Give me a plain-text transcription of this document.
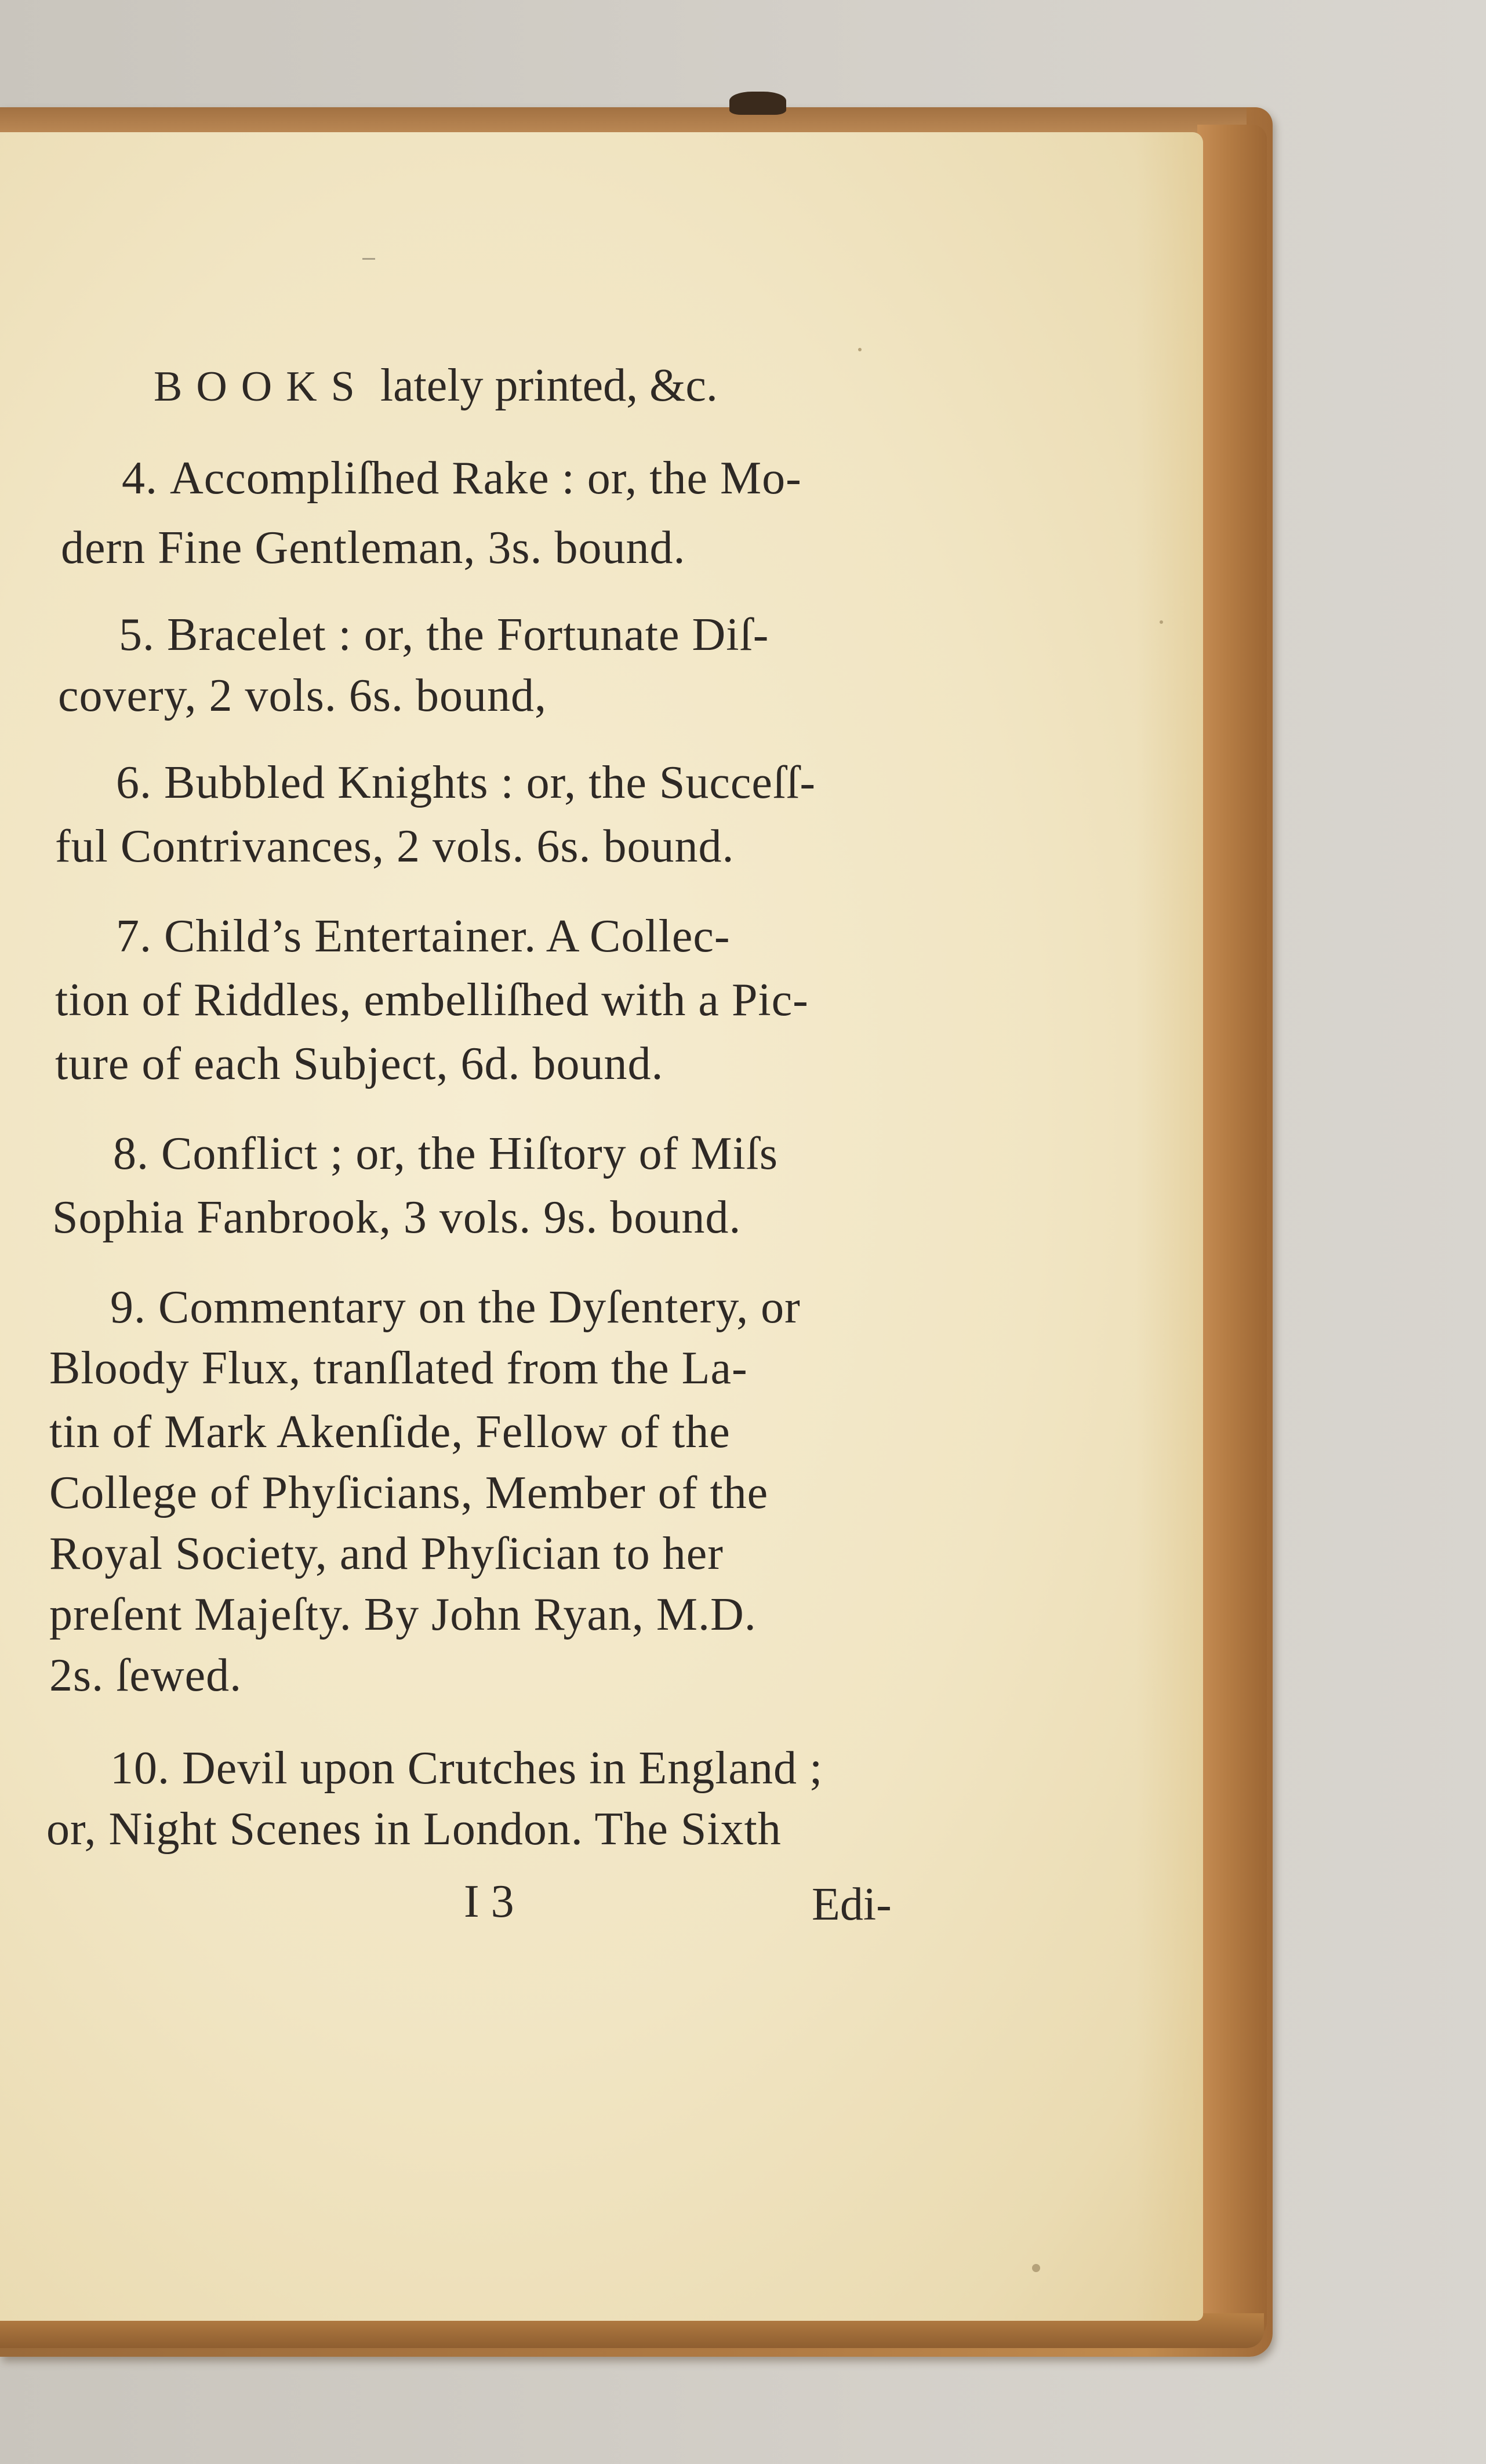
BOOKS lately printed, &c.
4. Accompliſhed Rake : or, the Mo-
dern Fine Gentleman, 3s. bound.
5. Bracelet : or, the Fortunate Diſ-
covery, 2 vols. 6s. bound,
6. Bubbled Knights : or, the Succeſſ-
ful Contrivances, 2 vols. 6s. bound.
7. Child’s Entertainer. A Collec-
tion of Riddles, embelliſhed with a Pic-
ture of each Subject, 6d. bound.
8. Conflict ; or, the Hiſtory of Miſs
Sophia Fanbrook, 3 vols. 9s. bound.
9. Commentary on the Dyſentery, or
Bloody Flux, tranſlated from the La-
tin of Mark Akenſide, Fellow of the
College of Phyſicians, Member of the
Royal Society, and Phyſician to her
preſent Majeſty. By John Ryan, M.D.
2s. ſewed.
10. Devil upon Crutches in England ;
or, Night Scenes in London. The Sixth
I 3	Edi-
